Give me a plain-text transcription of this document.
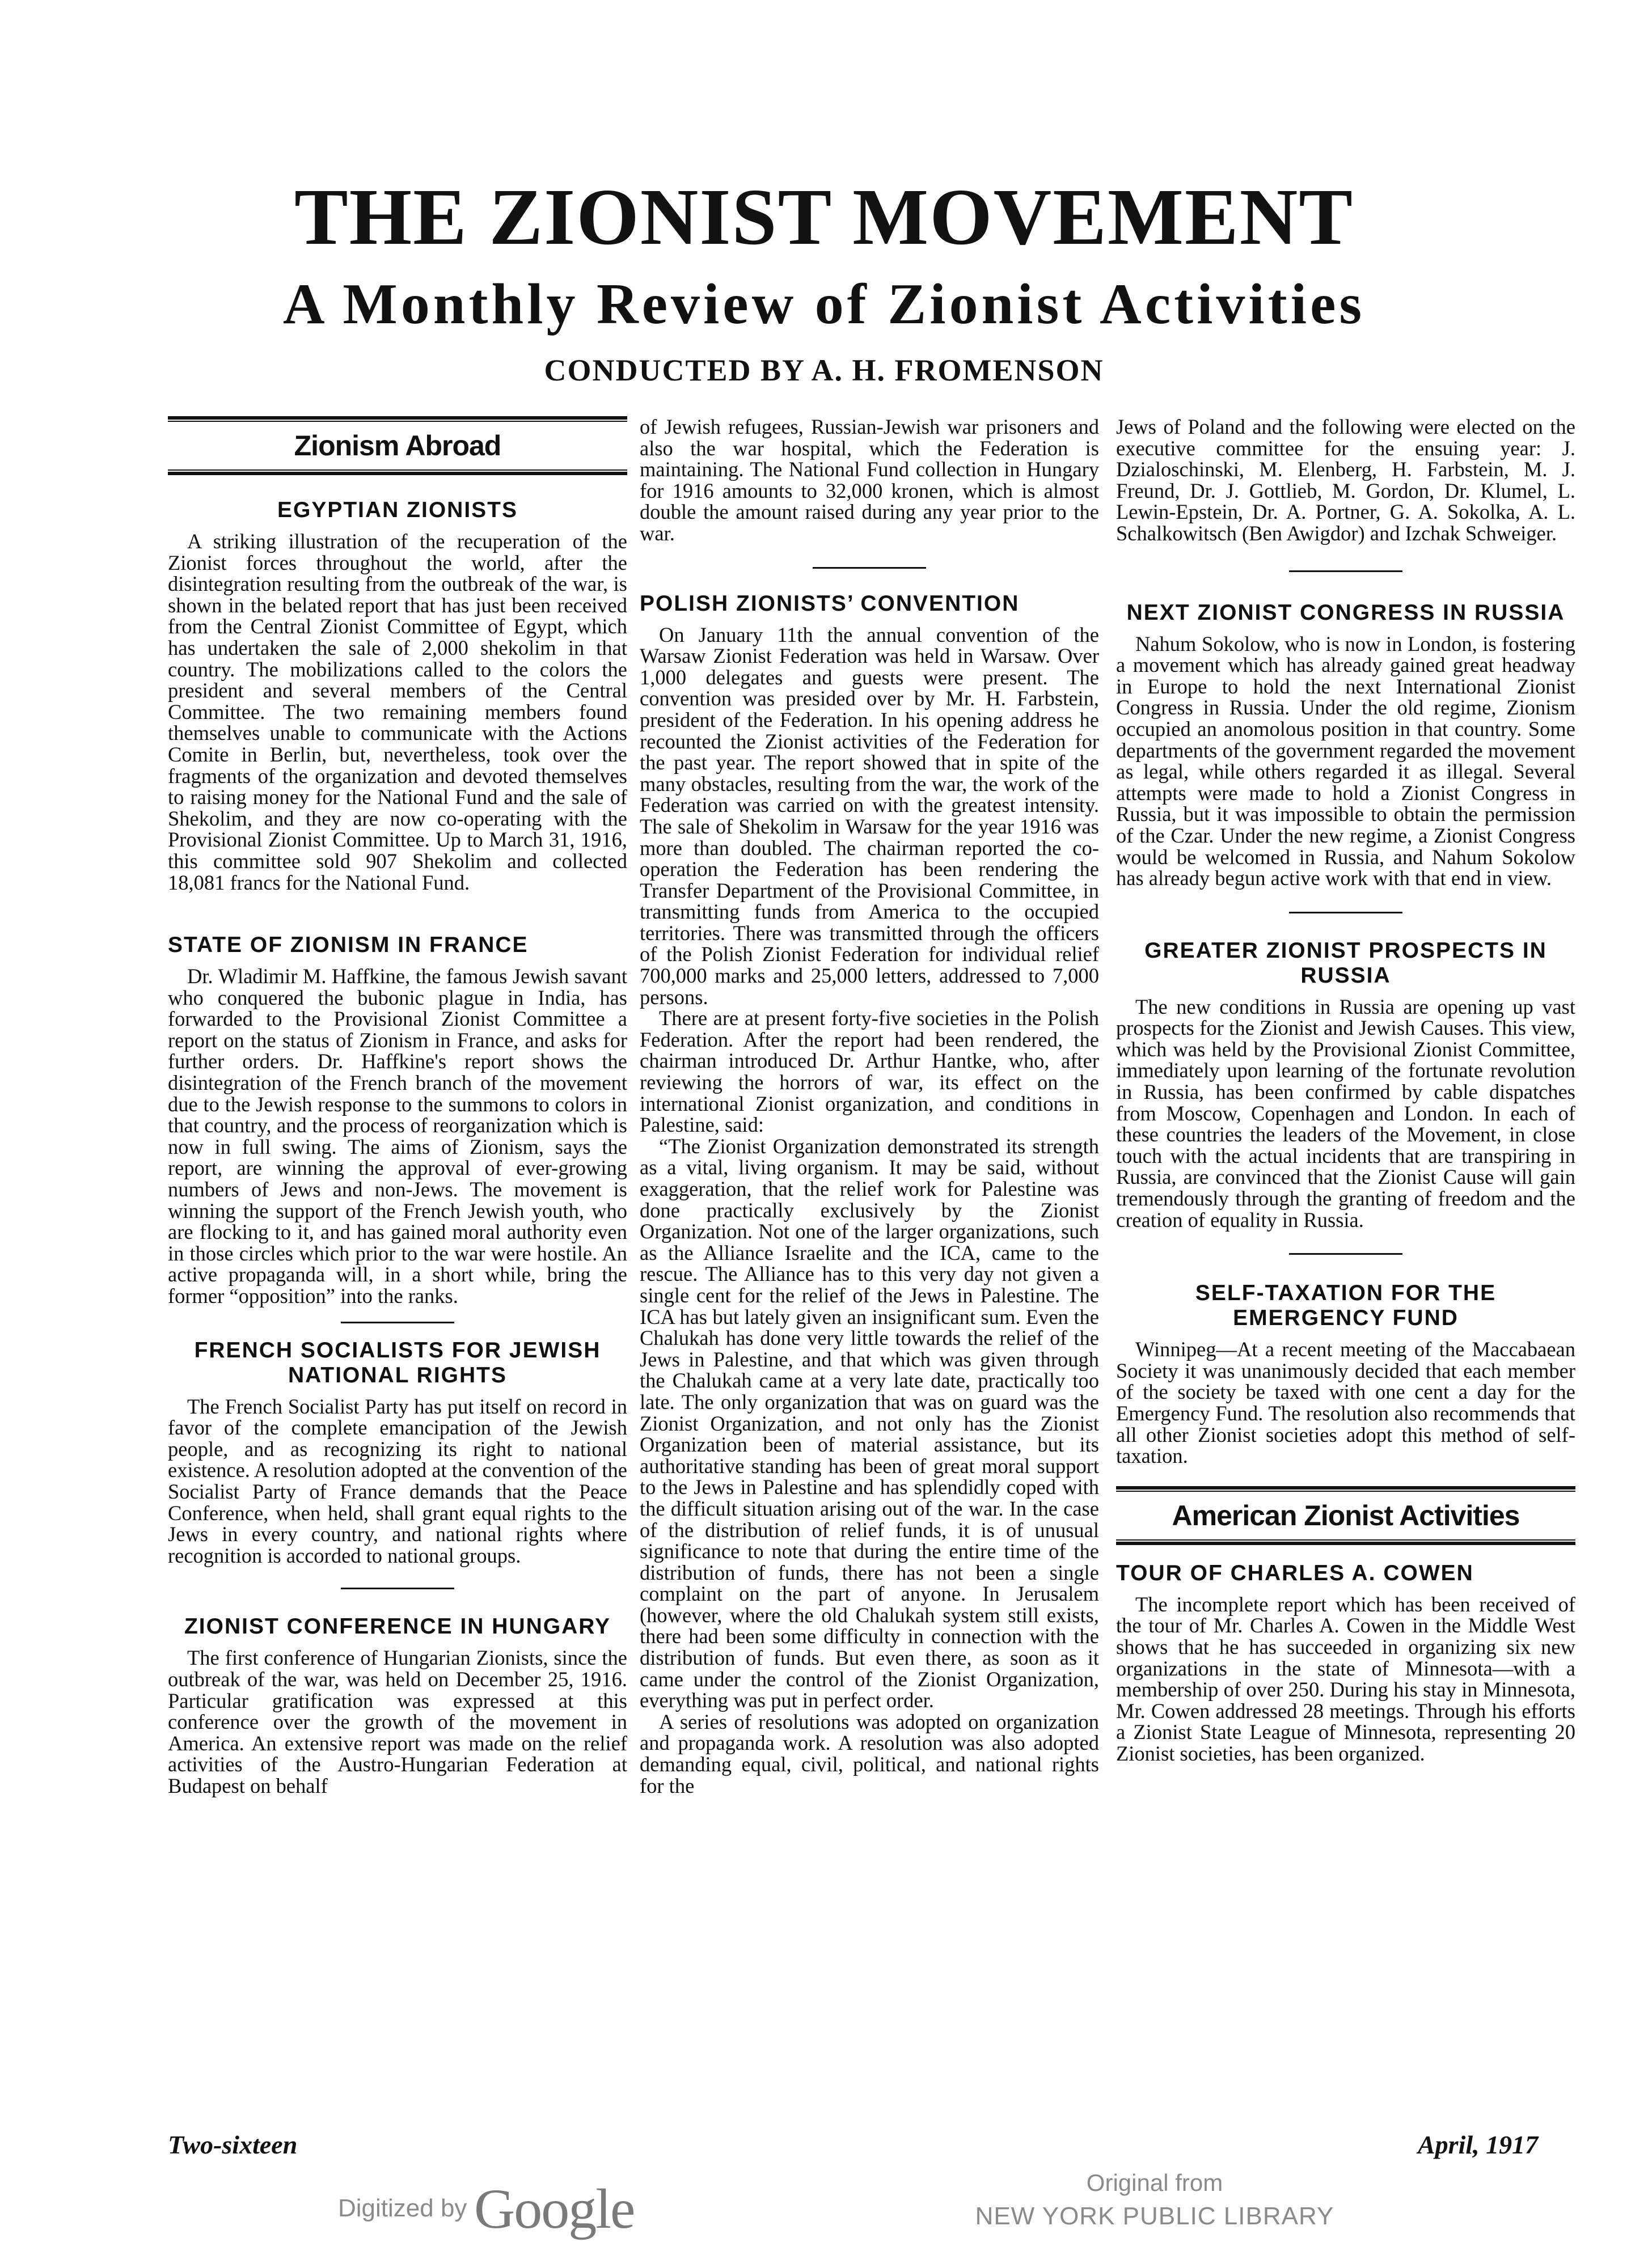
THE ZIONIST MOVEMENT
A Monthly Review of Zionist Activities
CONDUCTED BY A. H. FROMENSON
Zionism Abroad
EGYPTIAN ZIONISTS

A striking illustration of the recuperation of the Zionist forces throughout the world, after the disintegration resulting from the outbreak of the war, is shown in the belated report that has just been received from the Central Zionist Committee of Egypt, which has undertaken the sale of 2,000 shekolim in that country. The mobilizations called to the colors the president and several members of the Central Committee. The two remaining members found themselves unable to communicate with the Actions Comite in Berlin, but, nevertheless, took over the fragments of the organization and devoted themselves to raising money for the National Fund and the sale of Shekolim, and they are now co-operating with the Provisional Zionist Committee. Up to March 31, 1916, this committee sold 907 Shekolim and collected 18,081 francs for the National Fund.

STATE OF ZIONISM IN FRANCE

Dr. Wladimir M. Haffkine, the famous Jewish savant who conquered the bubonic plague in India, has forwarded to the Provisional Zionist Committee a report on the status of Zionism in France, and asks for further orders. Dr. Haffkine's report shows the disintegration of the French branch of the movement due to the Jewish response to the summons to colors in that country, and the process of reorganization which is now in full swing. The aims of Zionism, says the report, are winning the approval of ever-growing numbers of Jews and non-Jews. The movement is winning the support of the French Jewish youth, who are flocking to it, and has gained moral authority even in those circles which prior to the war were hostile. An active propaganda will, in a short while, bring the former “opposition” into the ranks.

FRENCH SOCIALISTS FOR JEWISH NATIONAL RIGHTS

The French Socialist Party has put itself on record in favor of the complete emancipation of the Jewish people, and as recognizing its right to national existence. A resolution adopted at the convention of the Socialist Party of France demands that the Peace Conference, when held, shall grant equal rights to the Jews in every country, and national rights where recognition is accorded to national groups.

ZIONIST CONFERENCE IN HUNGARY

The first conference of Hungarian Zionists, since the outbreak of the war, was held on December 25, 1916. Particular gratification was expressed at this conference over the growth of the movement in America. An extensive report was made on the relief activities of the Austro-Hungarian Federation at Budapest on behalf

of Jewish refugees, Russian-Jewish war prisoners and also the war hospital, which the Federation is maintaining. The National Fund collection in Hungary for 1916 amounts to 32,000 kronen, which is almost double the amount raised during any year prior to the war.

POLISH ZIONISTS’ CONVENTION

On January 11th the annual convention of the Warsaw Zionist Federation was held in Warsaw. Over 1,000 delegates and guests were present. The convention was presided over by Mr. H. Farbstein, president of the Federation. In his opening address he recounted the Zionist activities of the Federation for the past year. The report showed that in spite of the many obstacles, resulting from the war, the work of the Federation was carried on with the greatest intensity. The sale of Shekolim in Warsaw for the year 1916 was more than doubled. The chairman reported the co-operation the Federation has been rendering the Transfer Department of the Provisional Committee, in transmitting funds from America to the occupied territories. There was transmitted through the officers of the Polish Zionist Federation for individual relief 700,000 marks and 25,000 letters, addressed to 7,000 persons.

There are at present forty-five societies in the Polish Federation. After the report had been rendered, the chairman introduced Dr. Arthur Hantke, who, after reviewing the horrors of war, its effect on the international Zionist organization, and conditions in Palestine, said:

“The Zionist Organization demonstrated its strength as a vital, living organism. It may be said, without exaggeration, that the relief work for Palestine was done practically exclusively by the Zionist Organization. Not one of the larger organizations, such as the Alliance Israelite and the ICA, came to the rescue. The Alliance has to this very day not given a single cent for the relief of the Jews in Palestine. The ICA has but lately given an insignificant sum. Even the Chalukah has done very little towards the relief of the Jews in Palestine, and that which was given through the Chalukah came at a very late date, practically too late. The only organization that was on guard was the Zionist Organization, and not only has the Zionist Organization been of material assistance, but its authoritative standing has been of great moral support to the Jews in Palestine and has splendidly coped with the difficult situation arising out of the war. In the case of the distribution of relief funds, it is of unusual significance to note that during the entire time of the distribution of funds, there has not been a single complaint on the part of anyone. In Jerusalem (however, where the old Chalukah system still exists, there had been some difficulty in connection with the distribution of funds. But even there, as soon as it came under the control of the Zionist Organization, everything was put in perfect order.

A series of resolutions was adopted on organization and propaganda work. A resolution was also adopted demanding equal, civil, political, and national rights for the

Jews of Poland and the following were elected on the executive committee for the ensuing year: J. Dzialoschinski, M. Elenberg, H. Farbstein, M. J. Freund, Dr. J. Gottlieb, M. Gordon, Dr. Klumel, L. Lewin-Epstein, Dr. A. Portner, G. A. Sokolka, A. L. Schalkowitsch (Ben Awigdor) and Izchak Schweiger.

NEXT ZIONIST CONGRESS IN RUSSIA

Nahum Sokolow, who is now in London, is fostering a movement which has already gained great headway in Europe to hold the next International Zionist Congress in Russia. Under the old regime, Zionism occupied an anomolous position in that country. Some departments of the government regarded the movement as legal, while others regarded it as illegal. Several attempts were made to hold a Zionist Congress in Russia, but it was impossible to obtain the permission of the Czar. Under the new regime, a Zionist Congress would be welcomed in Russia, and Nahum Sokolow has already begun active work with that end in view.

GREATER ZIONIST PROSPECTS IN RUSSIA

The new conditions in Russia are opening up vast prospects for the Zionist and Jewish Causes. This view, which was held by the Provisional Zionist Committee, immediately upon learning of the fortunate revolution in Russia, has been confirmed by cable dispatches from Moscow, Copenhagen and London. In each of these countries the leaders of the Movement, in close touch with the actual incidents that are transpiring in Russia, are convinced that the Zionist Cause will gain tremendously through the granting of freedom and the creation of equality in Russia.

SELF-TAXATION FOR THE EMERGENCY FUND

Winnipeg—At a recent meeting of the Maccabaean Society it was unanimously decided that each member of the society be taxed with one cent a day for the Emergency Fund. The resolution also recommends that all other Zionist societies adopt this method of self-taxation.

American Zionist Activities
TOUR OF CHARLES A. COWEN

The incomplete report which has been received of the tour of Mr. Charles A. Cowen in the Middle West shows that he has succeeded in organizing six new organizations in the state of Minnesota—with a membership of over 250. During his stay in Minnesota, Mr. Cowen addressed 28 meetings. Through his efforts a Zionist State League of Minnesota, representing 20 Zionist societies, has been organized.

Two-sixteen	April, 1917
Digitized by Google	Original from
NEW YORK PUBLIC LIBRARY
